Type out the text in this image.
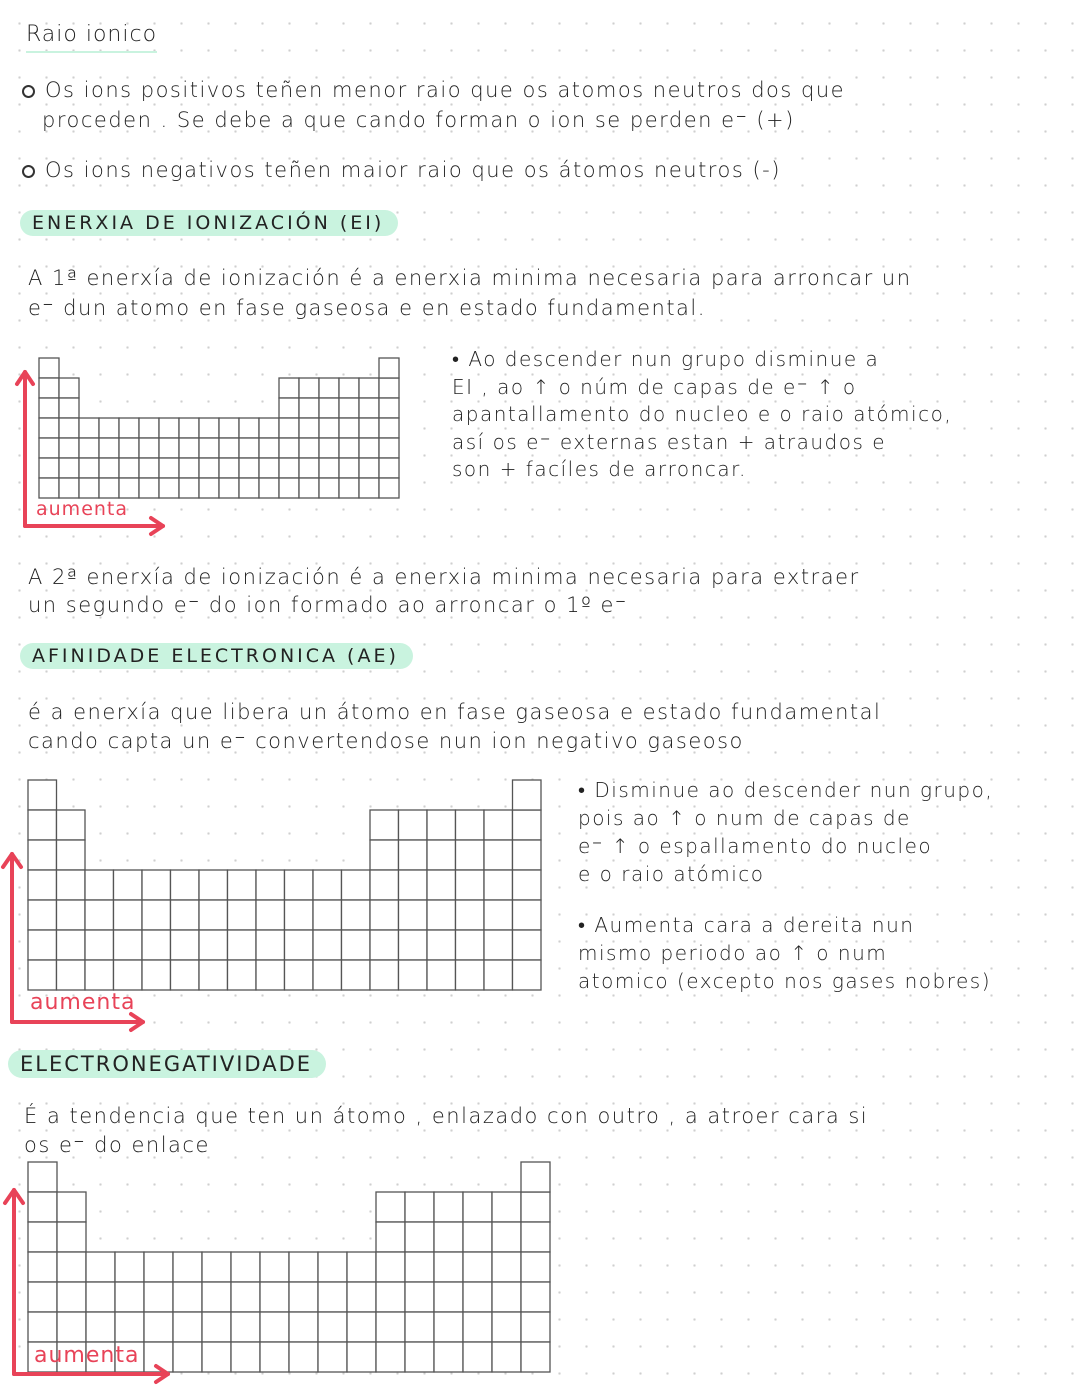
Raio ionico
Os ions positivos teñen menor raio que os atomos neutros dos que
proceden . Se debe a que cando forman o ion se perden e⁻ (+)
Os ions negativos teñen maior raio que os átomos neutros (-)
ENERXIA DE IONIZACIÓN (EI)
A 1ª enerxía de ionización é a enerxia minima necesaria para arroncar un
e⁻ dun atomo en fase gaseosa e en estado fundamental.
aumenta
• Ao descender nun grupo disminue a
EI , ao ↑ o núm de capas de e⁻ ↑ o
apantallamento do nucleo e o raio atómico,
así os e⁻ externas estan + atraudos e
son + facíles de arroncar.
A 2ª enerxía de ionización é a enerxia minima necesaria para extraer
un segundo e⁻ do ion formado ao arroncar o 1º e⁻
AFINIDADE ELECTRONICA (AE)
é a enerxía que libera un átomo en fase gaseosa e estado fundamental
cando capta un e⁻ convertendose nun ion negativo gaseoso
aumenta
• Disminue ao descender nun grupo,
pois ao ↑ o num de capas de
e⁻ ↑ o espallamento do nucleo
e o raio atómico
• Aumenta cara a dereita nun
mismo periodo ao ↑ o num
atomico (excepto nos gases nobres)
ELECTRONEGATIVIDADE
É a tendencia que ten un átomo , enlazado con outro , a atroer cara si
os e⁻ do enlace
aumenta
